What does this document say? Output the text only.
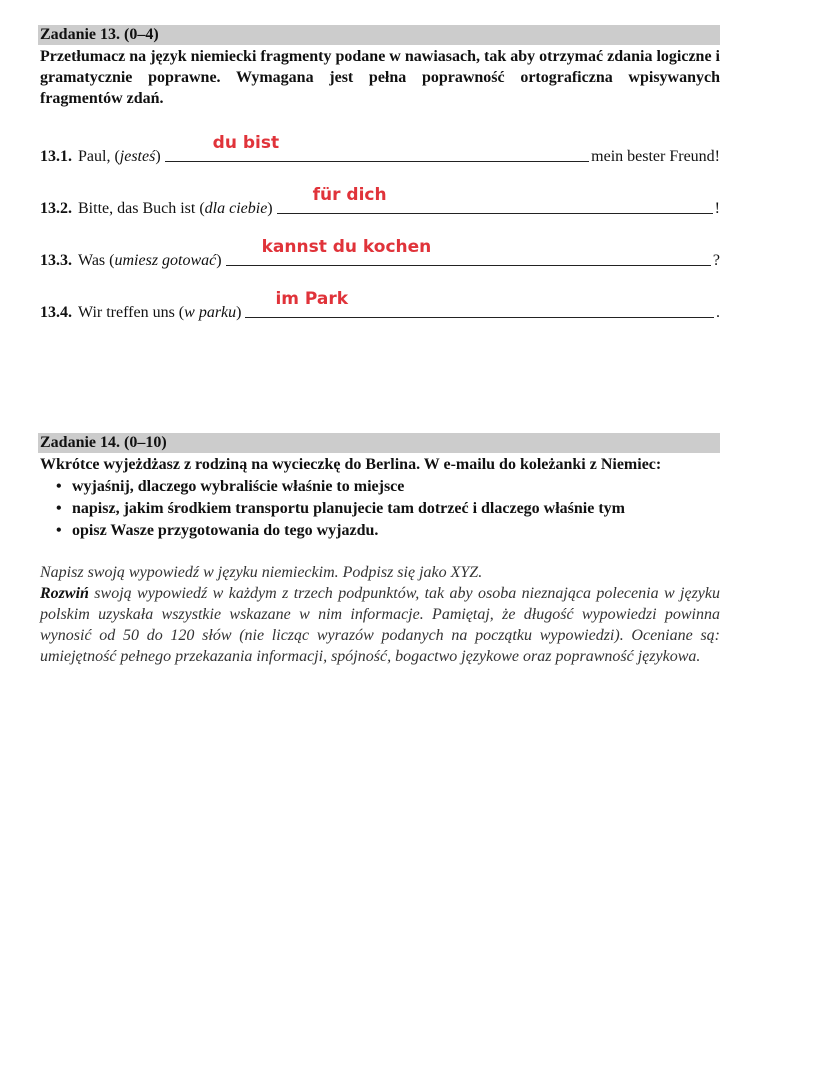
Zadanie 13. (0–4)
Przetłumacz na język niemiecki fragmenty podane w nawiasach, tak aby otrzymać zdania logiczne i gramatycznie poprawne. Wymagana jest pełna poprawność ortograficzna wpisywanych fragmentów zdań.
13.1. Paul, ( jesteś )
du bist
mein bester Freund!
13.2. Bitte, das Buch ist ( dla ciebie )
für dich
!
13.3. Was ( umiesz gotować )
kannst du kochen
?
13.4. Wir treffen uns ( w parku )
im Park
.
Zadanie 14. (0–10)
Wkrótce wyjeżdżasz z rodziną na wycieczkę do Berlina. W e-mailu do koleżanki z Niemiec:
• wyjaśnij, dlaczego wybraliście właśnie to miejsce
• napisz, jakim środkiem transportu planujecie tam dotrzeć i dlaczego właśnie tym
• opisz Wasze przygotowania do tego wyjazdu.
Napisz swoją wypowiedź w języku niemieckim. Podpisz się jako XYZ.
Rozwiń swoją wypowiedź w każdym z trzech podpunktów, tak aby osoba nieznająca polecenia w języku polskim uzyskała wszystkie wskazane w nim informacje. Pamiętaj, że długość wypowiedzi powinna wynosić od 50 do 120 słów (nie licząc wyrazów podanych na początku wypowiedzi). Oceniane są: umiejętność pełnego przekazania informacji, spójność, bogactwo językowe oraz poprawność językowa.
